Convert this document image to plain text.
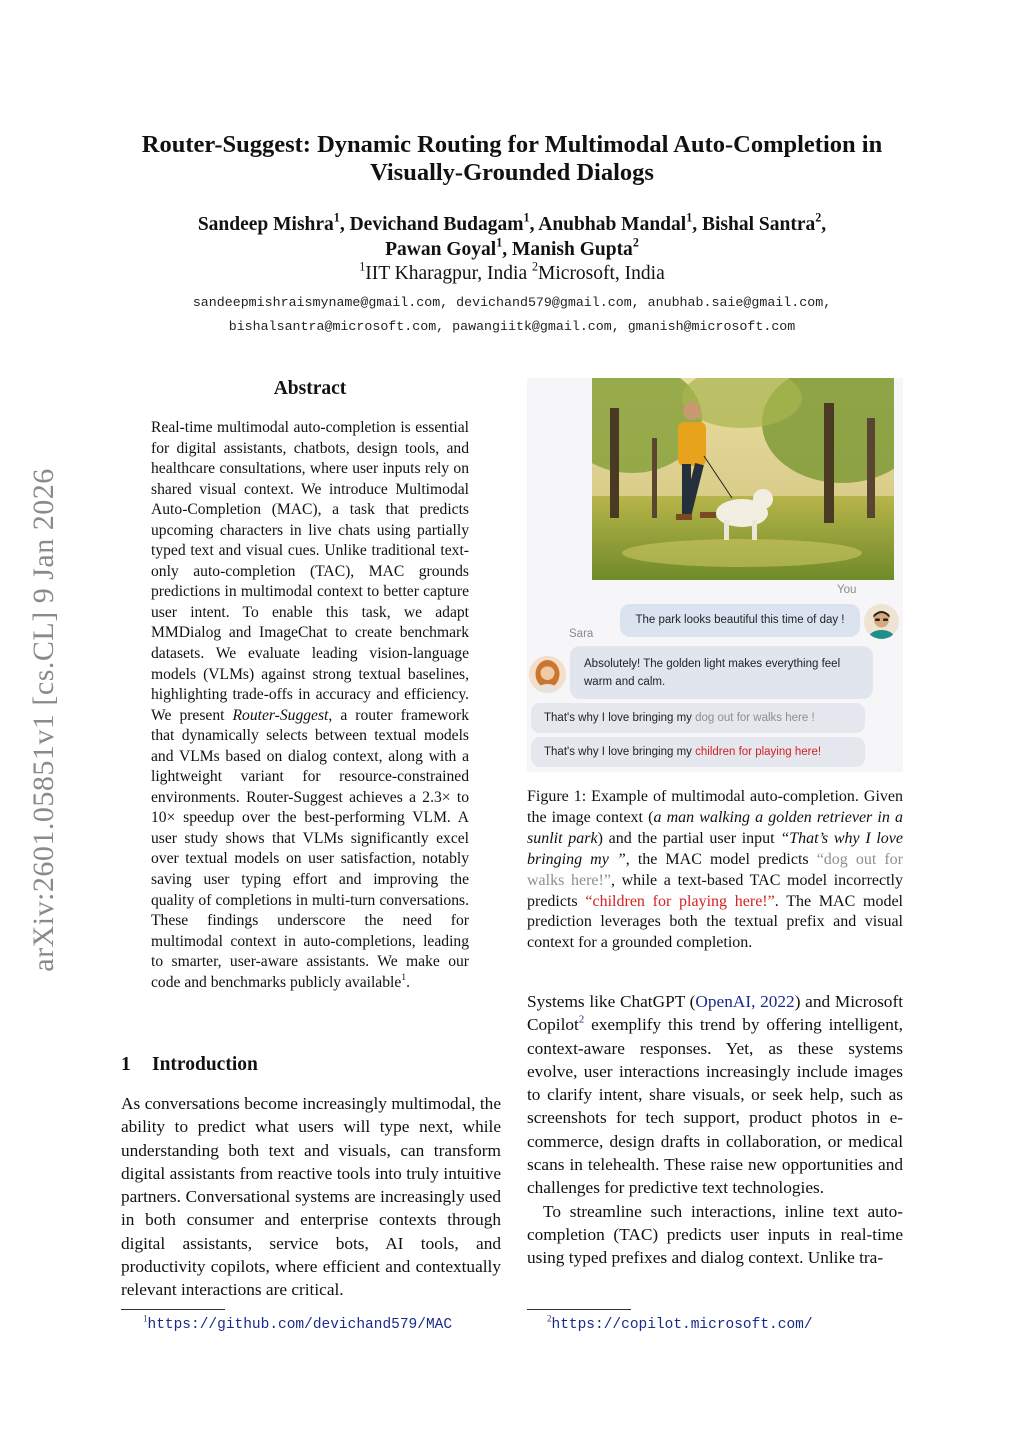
arXiv:2601.05851v1 [cs.CL] 9 Jan 2026
Router-Suggest: Dynamic Routing for Multimodal Auto-Completion in
Visually-Grounded Dialogs
Sandeep Mishra$^1$, Devichand Budagam$^1$, Anubhab Mandal$^1$, Bishal Santra$^2$,
Pawan Goyal$^1$, Manish Gupta$^2$
$^1$IIT Kharagpur, India $^2$Microsoft, India
sandeepmishraismyname@gmail.com, devichand579@gmail.com, anubhab.saie@gmail.com,
bishalsantra@microsoft.com, pawangiitk@gmail.com, gmanish@microsoft.com
Abstract
Real-time multimodal auto-completion is essential for digital assistants, chatbots, design tools, and healthcare consultations, where user inputs rely on shared visual context. We introduce Multimodal Auto-Completion (MAC), a task that predicts upcoming characters in live chats using partially typed text and visual cues. Unlike traditional text-only auto-completion (TAC), MAC grounds predictions in multimodal context to better capture user intent. To enable this task, we adapt MMDialog and ImageChat to create benchmark datasets. We evaluate leading vision-language models (VLMs) against strong textual baselines, highlighting trade-offs in accuracy and efficiency. We present Router-Suggest, a router framework that dynamically selects between textual models and VLMs based on dialog context, along with a lightweight variant for resource-constrained environments. Router-Suggest achieves a 2.3× to 10× speedup over the best-performing VLM. A user study shows that VLMs significantly excel over textual models on user satisfaction, notably saving user typing effort and improving the quality of completions in multi-turn conversations. These findings underscore the need for multimodal context in auto-completions, leading to smarter, user-aware assistants. We make our code and benchmarks publicly available$^1$.
1 Introduction
As conversations become increasingly multimodal, the ability to predict what users will type next, while understanding both text and visuals, can transform digital assistants from reactive tools into truly intuitive partners. Conversational systems are increasingly used in both consumer and enterprise contexts through digital assistants, service bots, AI tools, and productivity copilots, where efficient and contextually relevant interactions are critical.
$^1$https://github.com/devichand579/MAC	$^2$https://copilot.microsoft.com/
You
The park looks beautiful this time of day !
Sara
Absolutely! The golden light makes everything feel warm and calm.
That's why I love bringing my dog out for walks here !
That's why I love bringing my children for playing here!
Figure 1: Example of multimodal auto-completion. Given the image context (a man walking a golden retriever in a sunlit park) and the partial user input “That’s why I love bringing my ”, the MAC model predicts “dog out for walks here!”, while a text-based TAC model incorrectly predicts “children for playing here!”. The MAC model prediction leverages both the textual prefix and visual context for a grounded completion.

Systems like ChatGPT (OpenAI, 2022) and Microsoft Copilot$^2$ exemplify this trend by offering intelligent, context-aware responses. Yet, as these systems evolve, user interactions increasingly include images to clarify intent, share visuals, or seek help, such as screenshots for tech support, product photos in e-commerce, design drafts in collaboration, or medical scans in telehealth. These raise new opportunities and challenges for predictive text technologies.

To streamline such interactions, inline text auto-completion (TAC) predicts user inputs in real-time using typed prefixes and dialog context. Unlike tra-
